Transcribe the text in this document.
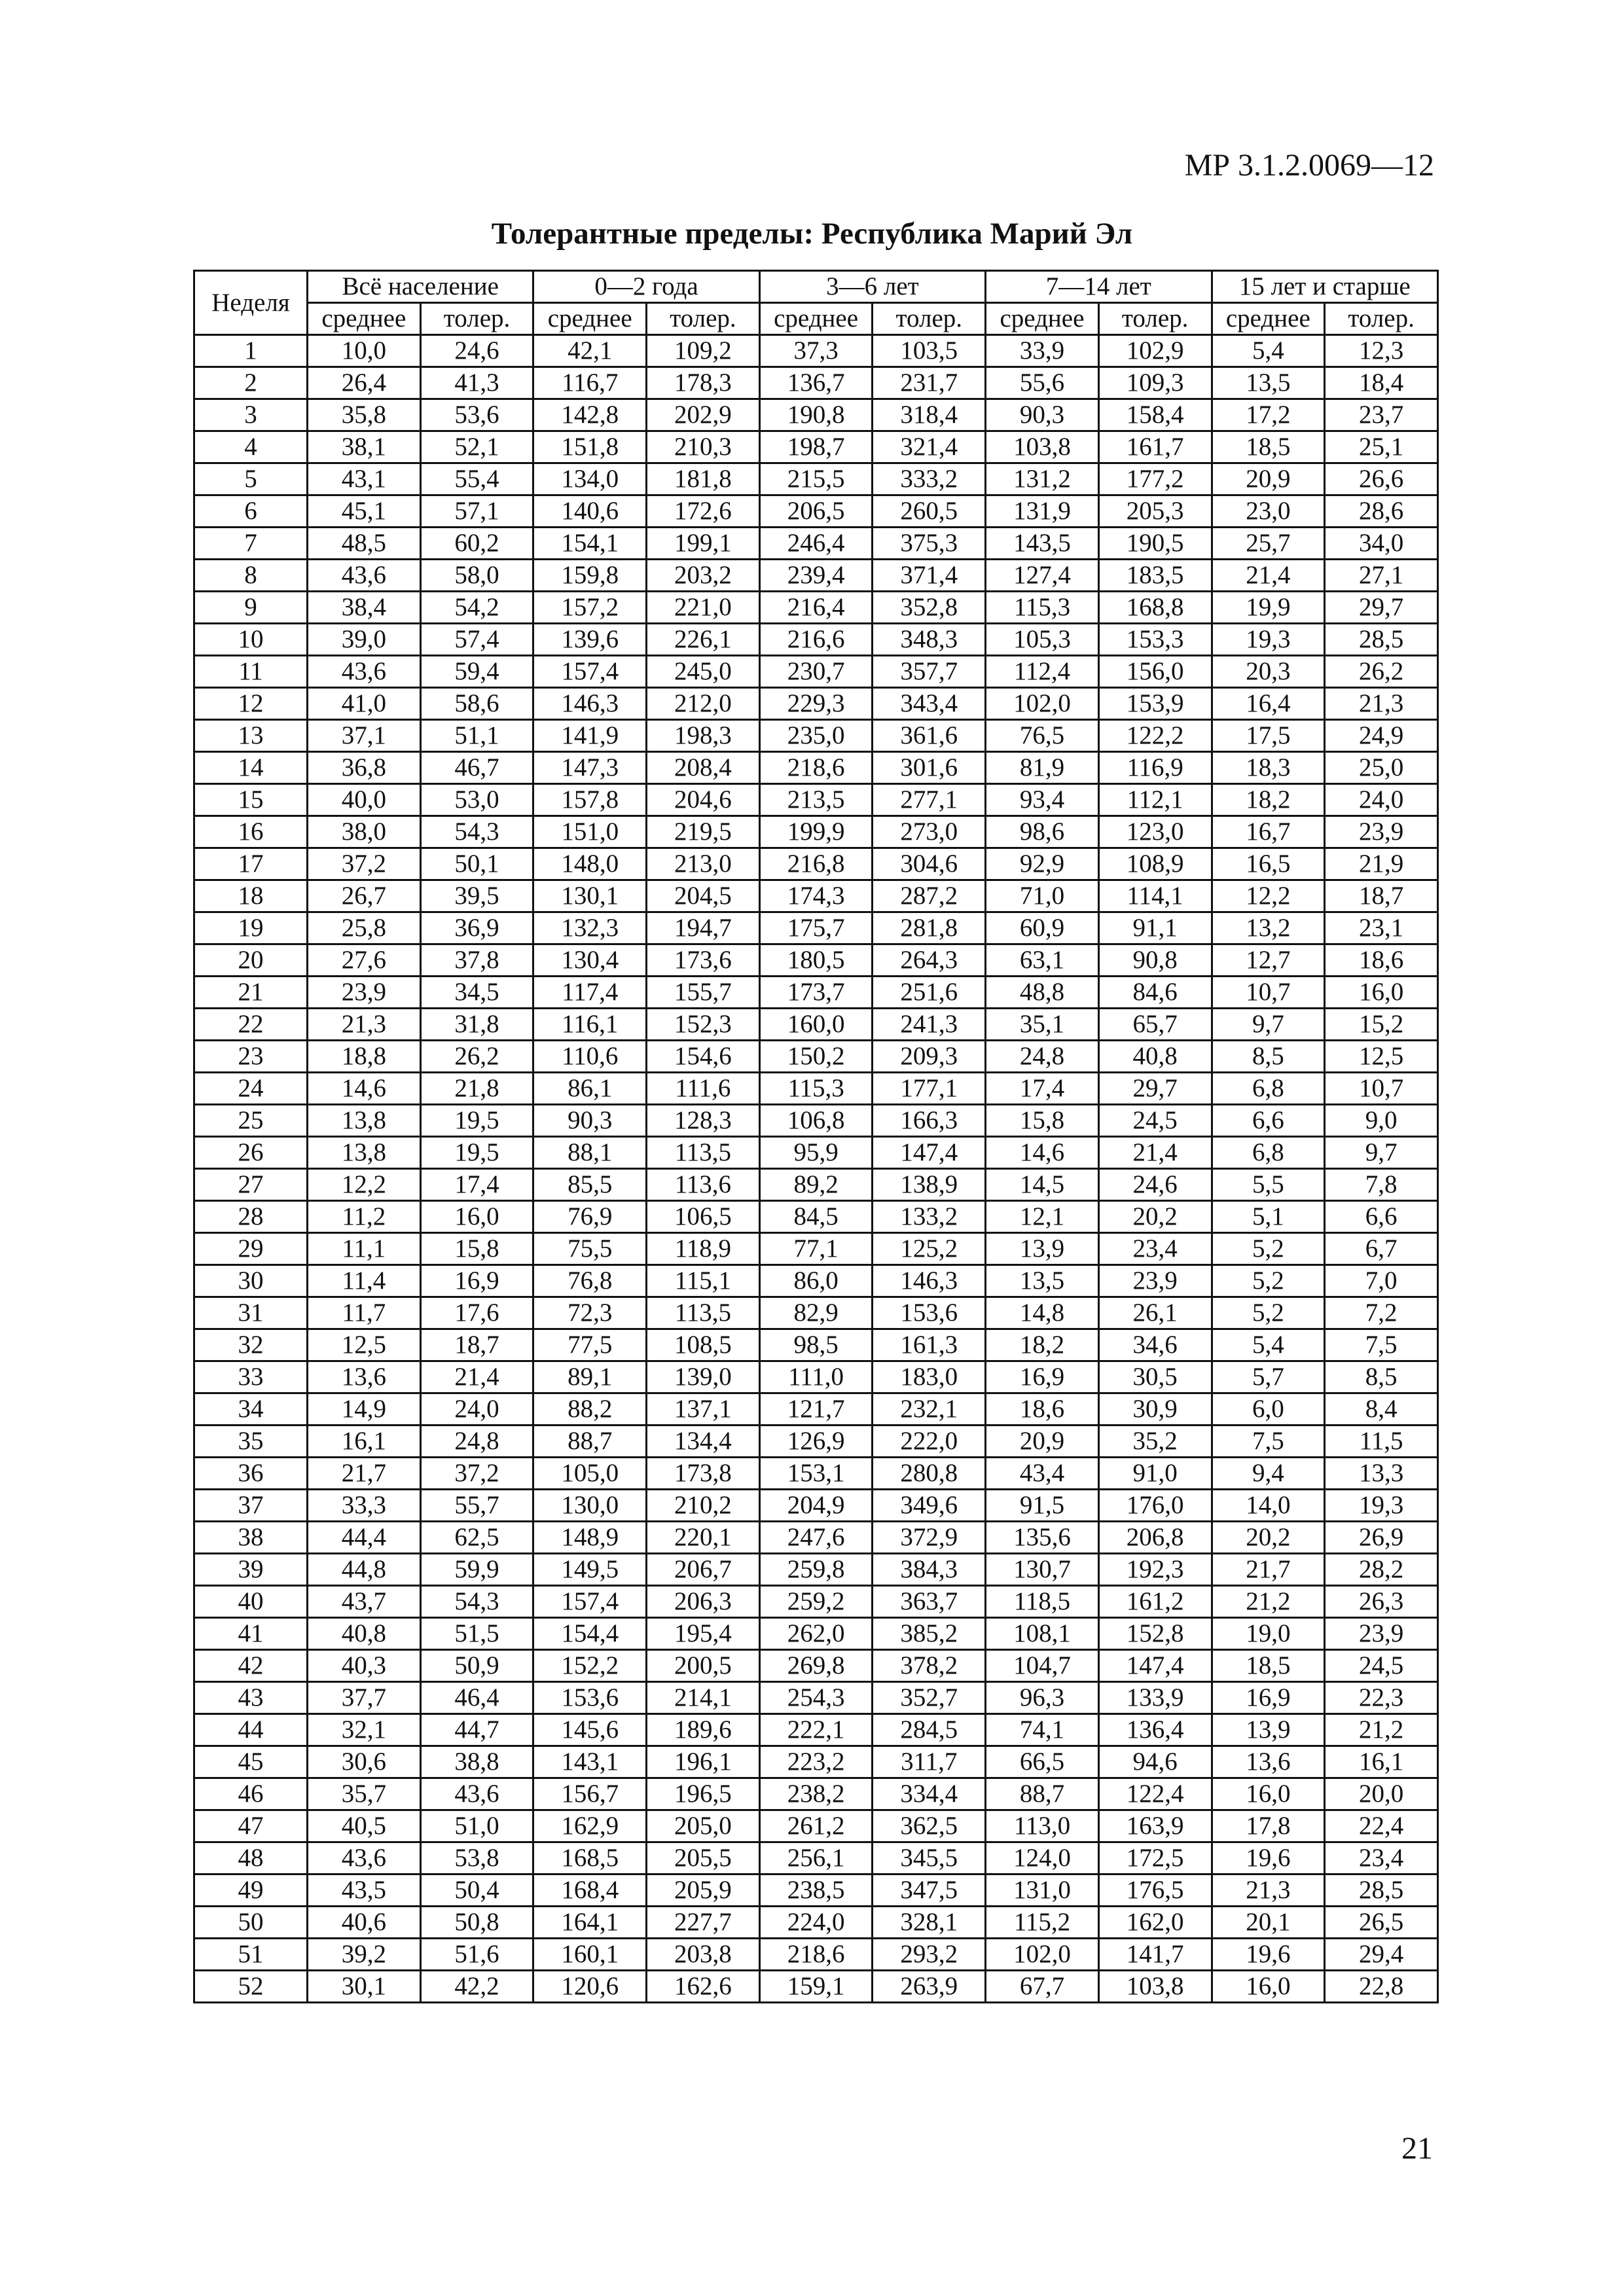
МР 3.1.2.0069—12
Толерантные пределы: Республика Марий Эл
Неделя	Всё население		0—2 года		3—6 лет		7—14 лет		15 лет и старше	
	среднее	толер.	среднее	толер.	среднее	толер.	среднее	толер.	среднее	толер.
1	10,0	24,6	42,1	109,2	37,3	103,5	33,9	102,9	5,4	12,3
2	26,4	41,3	116,7	178,3	136,7	231,7	55,6	109,3	13,5	18,4
3	35,8	53,6	142,8	202,9	190,8	318,4	90,3	158,4	17,2	23,7
4	38,1	52,1	151,8	210,3	198,7	321,4	103,8	161,7	18,5	25,1
5	43,1	55,4	134,0	181,8	215,5	333,2	131,2	177,2	20,9	26,6
6	45,1	57,1	140,6	172,6	206,5	260,5	131,9	205,3	23,0	28,6
7	48,5	60,2	154,1	199,1	246,4	375,3	143,5	190,5	25,7	34,0
8	43,6	58,0	159,8	203,2	239,4	371,4	127,4	183,5	21,4	27,1
9	38,4	54,2	157,2	221,0	216,4	352,8	115,3	168,8	19,9	29,7
10	39,0	57,4	139,6	226,1	216,6	348,3	105,3	153,3	19,3	28,5
11	43,6	59,4	157,4	245,0	230,7	357,7	112,4	156,0	20,3	26,2
12	41,0	58,6	146,3	212,0	229,3	343,4	102,0	153,9	16,4	21,3
13	37,1	51,1	141,9	198,3	235,0	361,6	76,5	122,2	17,5	24,9
14	36,8	46,7	147,3	208,4	218,6	301,6	81,9	116,9	18,3	25,0
15	40,0	53,0	157,8	204,6	213,5	277,1	93,4	112,1	18,2	24,0
16	38,0	54,3	151,0	219,5	199,9	273,0	98,6	123,0	16,7	23,9
17	37,2	50,1	148,0	213,0	216,8	304,6	92,9	108,9	16,5	21,9
18	26,7	39,5	130,1	204,5	174,3	287,2	71,0	114,1	12,2	18,7
19	25,8	36,9	132,3	194,7	175,7	281,8	60,9	91,1	13,2	23,1
20	27,6	37,8	130,4	173,6	180,5	264,3	63,1	90,8	12,7	18,6
21	23,9	34,5	117,4	155,7	173,7	251,6	48,8	84,6	10,7	16,0
22	21,3	31,8	116,1	152,3	160,0	241,3	35,1	65,7	9,7	15,2
23	18,8	26,2	110,6	154,6	150,2	209,3	24,8	40,8	8,5	12,5
24	14,6	21,8	86,1	111,6	115,3	177,1	17,4	29,7	6,8	10,7
25	13,8	19,5	90,3	128,3	106,8	166,3	15,8	24,5	6,6	9,0
26	13,8	19,5	88,1	113,5	95,9	147,4	14,6	21,4	6,8	9,7
27	12,2	17,4	85,5	113,6	89,2	138,9	14,5	24,6	5,5	7,8
28	11,2	16,0	76,9	106,5	84,5	133,2	12,1	20,2	5,1	6,6
29	11,1	15,8	75,5	118,9	77,1	125,2	13,9	23,4	5,2	6,7
30	11,4	16,9	76,8	115,1	86,0	146,3	13,5	23,9	5,2	7,0
31	11,7	17,6	72,3	113,5	82,9	153,6	14,8	26,1	5,2	7,2
32	12,5	18,7	77,5	108,5	98,5	161,3	18,2	34,6	5,4	7,5
33	13,6	21,4	89,1	139,0	111,0	183,0	16,9	30,5	5,7	8,5
34	14,9	24,0	88,2	137,1	121,7	232,1	18,6	30,9	6,0	8,4
35	16,1	24,8	88,7	134,4	126,9	222,0	20,9	35,2	7,5	11,5
36	21,7	37,2	105,0	173,8	153,1	280,8	43,4	91,0	9,4	13,3
37	33,3	55,7	130,0	210,2	204,9	349,6	91,5	176,0	14,0	19,3
38	44,4	62,5	148,9	220,1	247,6	372,9	135,6	206,8	20,2	26,9
39	44,8	59,9	149,5	206,7	259,8	384,3	130,7	192,3	21,7	28,2
40	43,7	54,3	157,4	206,3	259,2	363,7	118,5	161,2	21,2	26,3
41	40,8	51,5	154,4	195,4	262,0	385,2	108,1	152,8	19,0	23,9
42	40,3	50,9	152,2	200,5	269,8	378,2	104,7	147,4	18,5	24,5
43	37,7	46,4	153,6	214,1	254,3	352,7	96,3	133,9	16,9	22,3
44	32,1	44,7	145,6	189,6	222,1	284,5	74,1	136,4	13,9	21,2
45	30,6	38,8	143,1	196,1	223,2	311,7	66,5	94,6	13,6	16,1
46	35,7	43,6	156,7	196,5	238,2	334,4	88,7	122,4	16,0	20,0
47	40,5	51,0	162,9	205,0	261,2	362,5	113,0	163,9	17,8	22,4
48	43,6	53,8	168,5	205,5	256,1	345,5	124,0	172,5	19,6	23,4
49	43,5	50,4	168,4	205,9	238,5	347,5	131,0	176,5	21,3	28,5
50	40,6	50,8	164,1	227,7	224,0	328,1	115,2	162,0	20,1	26,5
51	39,2	51,6	160,1	203,8	218,6	293,2	102,0	141,7	19,6	29,4
52	30,1	42,2	120,6	162,6	159,1	263,9	67,7	103,8	16,0	22,8
21
